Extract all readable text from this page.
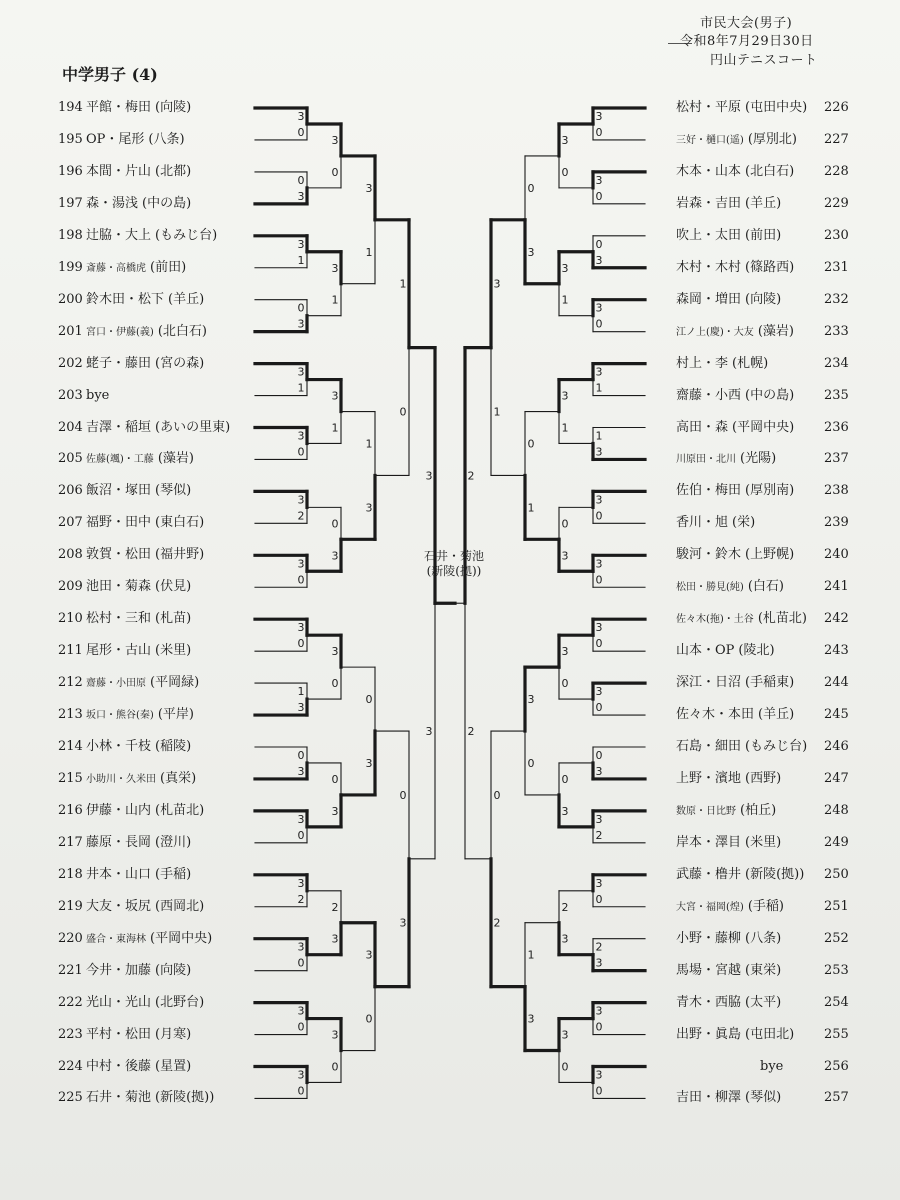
市民大会(男子)
令和8年7月29日30日
円山テニスコート
中学男子 (4)
194 平館・梅田 (向陵)
195 OP・尾形 (八条)
196 本間・片山 (北都)
197 森・湯浅 (中の島)
198 辻脇・大上 (もみじ台)
199 斎藤・高橋虎 (前田)
200 鈴木田・松下 (羊丘)
201 宮口・伊藤(義) (北白石)
202 蛯子・藤田 (宮の森)
203 bye
204 吉澤・稲垣 (あいの里東)
205 佐藤(颯)・工藤 (藻岩)
206 飯沼・塚田 (琴似)
207 福野・田中 (東白石)
208 敦賀・松田 (福井野)
209 池田・菊森 (伏見)
210 松村・三和 (札苗)
211 尾形・古山 (米里)
212 齋藤・小田原 (平岡緑)
213 坂口・熊谷(秦) (平岸)
214 小林・千枝 (稲陵)
215 小助川・久米田 (真栄)
216 伊藤・山内 (札苗北)
217 藤原・長岡 (澄川)
218 井本・山口 (手稲)
219 大友・坂尻 (西岡北)
220 盛合・東海林 (平岡中央)
221 今井・加藤 (向陵)
222 光山・光山 (北野台)
223 平村・松田 (月寒)
224 中村・後藤 (星置)
225 石井・菊池 (新陵(拠))
松村・平原 (屯田中央) 226
三好・樋口(遥) (厚別北) 227
木本・山本 (北白石) 228
岩森・吉田 (羊丘)	229
吹上・太田 (前田)	230
木村・木村 (篠路西) 231
森岡・増田 (向陵)	232
江ノ上(慶)・大友 (藻岩) 233
村上・李 (札幌)	234
齋藤・小西 (中の島) 235
高田・森 (平岡中央) 236
川原田・北川 (光陽)	237
佐伯・梅田 (厚別南) 238
香川・旭 (栄)	239
駿河・鈴木 (上野幌) 240
松田・勝見(純) (白石)	241
佐々木(拖)・土谷 (札苗北) 242
山本・OP (陵北)	243
深江・日沼 (手稲東) 244
佐々木・本田 (羊丘) 245
石島・細田 (もみじ台) 246
上野・濱地 (西野)	247
数原・日比野 (柏丘)	248
岸本・澤目 (米里)	249
武藤・橹井 (新陵(拠)) 250
大宮・福岡(煌) (手稲)	251
小野・藤柳 (八条)	252
馬場・宮越 (東栄)	253
青木・西脇 (太平)	254
出野・眞島 (屯田北) 255
bye	256
吉田・柳澤 (琴似)	257
3
0
0
3
3
1
0
3
3
1
3
0
3
2
3
0
3
0
1
3
0
3
3
0
3
2
3
0
3
0
3
0
3
0
3
1
3
1
0
3
3
0
0
3
2
3
3
0
3
1
1
3
0
3
3
0
1
0
0
3
3
3
3
0
3
0
0
3
3
0
3
1
1
3
3
0
3
0
3
0
3
0
0
3
3
2
3
0
2
3
3
0
3
0
3
0
3
1
3
1
0
3
3
0
0
3
2
3
3
0
0
3
0
1
3
0
1
3
3
1
0
2
2
2
石井・菊池
(新陵(拠))
